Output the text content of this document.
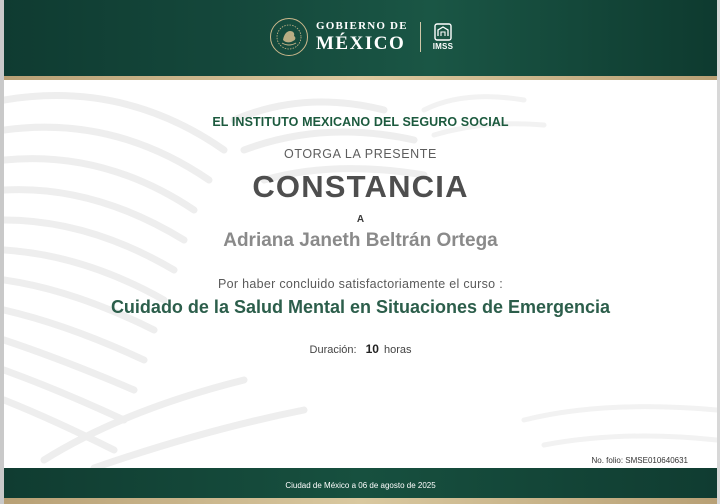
GOBIERNO DE
MÉXICO	IMSS

EL INSTITUTO MEXICANO DEL SEGURO SOCIAL

OTORGA LA PRESENTE

CONSTANCIA

A

Adriana Janeth Beltrán Ortega

Por haber concluido satisfactoriamente el curso :

Cuidado de la Salud Mental en Situaciones de Emergencia

Duración: 10 horas
No. folio: SMSE010640631
Ciudad de México a 06 de agosto de 2025
